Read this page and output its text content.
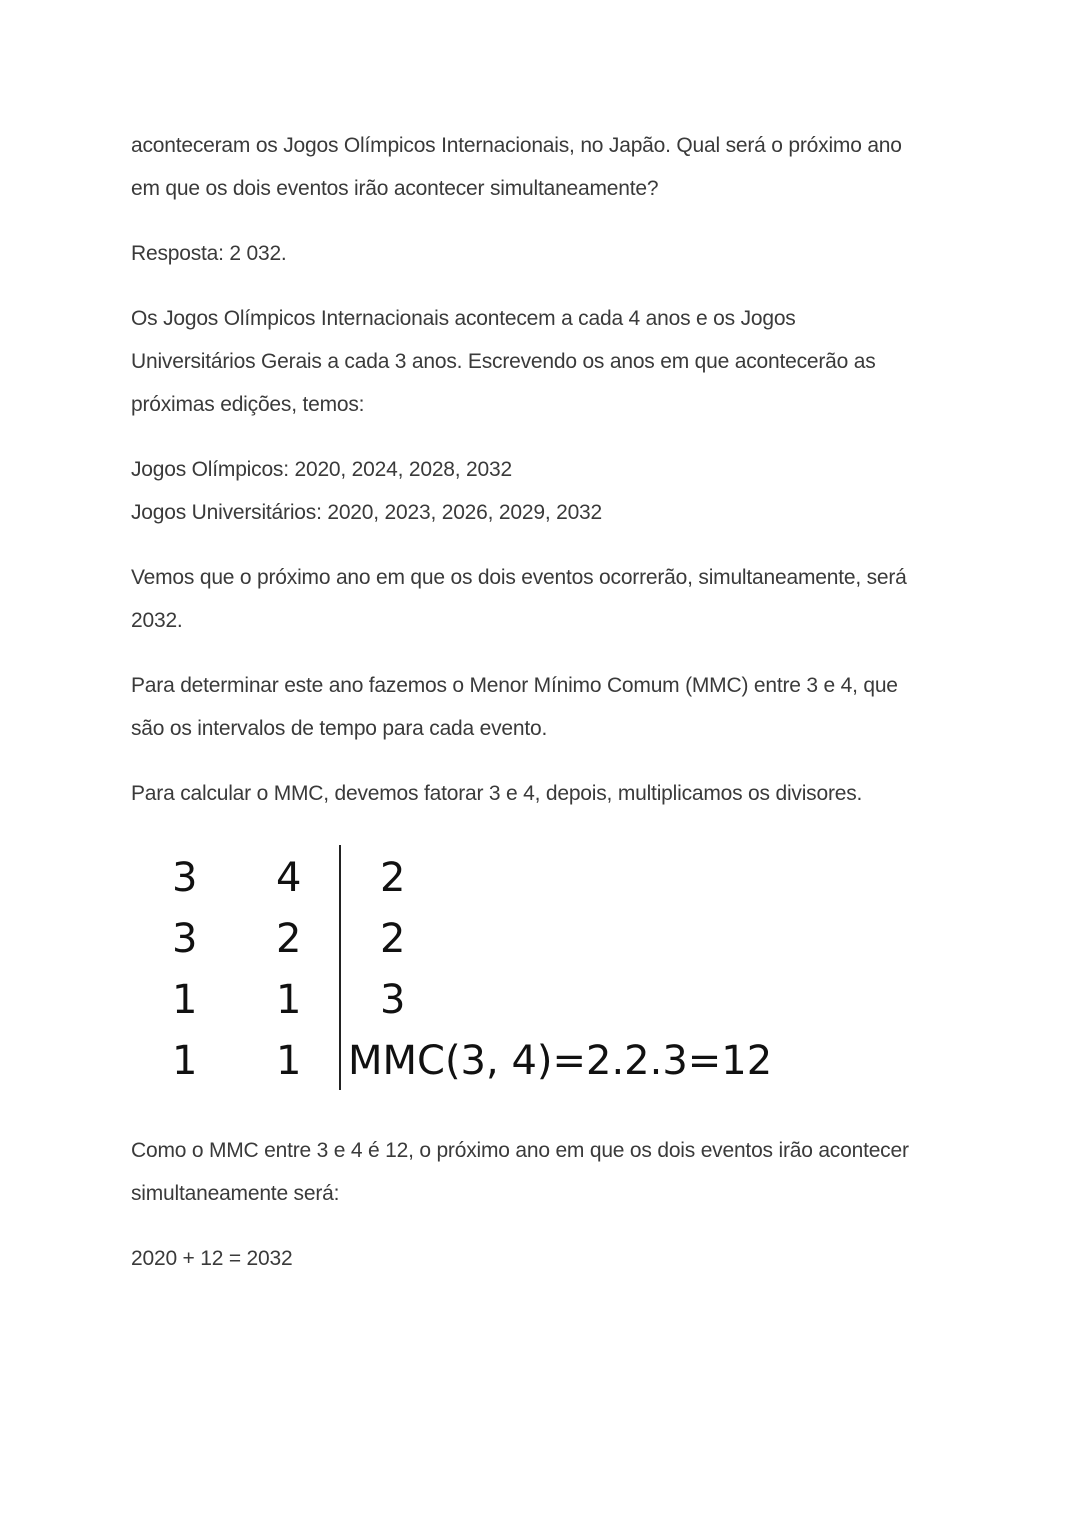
aconteceram os Jogos Olímpicos Internacionais, no Japão. Qual será o próximo ano
em que os dois eventos irão acontecer simultaneamente?

Resposta: 2 032.

Os Jogos Olímpicos Internacionais acontecem a cada 4 anos e os Jogos
Universitários Gerais a cada 3 anos. Escrevendo os anos em que acontecerão as
próximas edições, temos:

Jogos Olímpicos: 2020, 2024, 2028, 2032
Jogos Universitários: 2020, 2023, 2026, 2029, 2032

Vemos que o próximo ano em que os dois eventos ocorrerão, simultaneamente, será
2032.

Para determinar este ano fazemos o Menor Mínimo Comum (MMC) entre 3 e 4, que
são os intervalos de tempo para cada evento.

Para calcular o MMC, devemos fatorar 3 e 4, depois, multiplicamos os divisores.

3 4 2
3 2 2
1 1 3
1 1 MMC(3, 4)=2.2.3=12

Como o MMC entre 3 e 4 é 12, o próximo ano em que os dois eventos irão acontecer
simultaneamente será:

2020 + 12 = 2032
